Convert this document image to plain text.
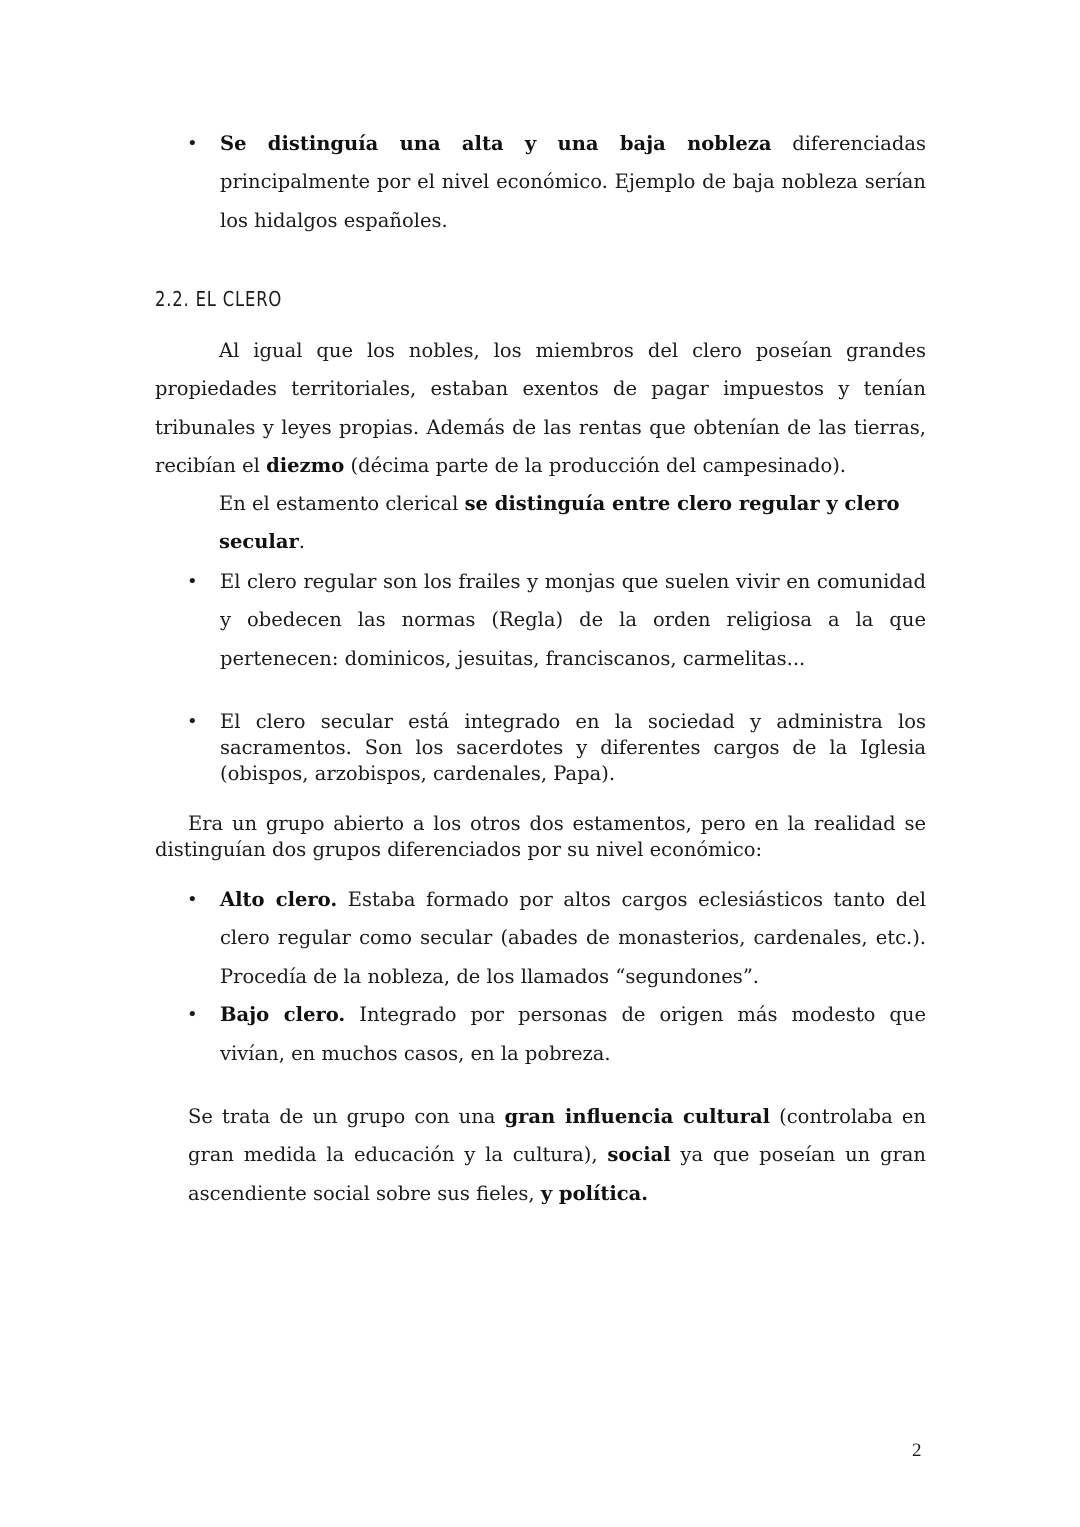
• Se distinguía una alta y una baja nobleza diferenciadas principalmente por el nivel económico. Ejemplo de baja nobleza serían los hidalgos españoles.
2.2. EL CLERO
Al igual que los nobles, los miembros del clero poseían grandes propiedades territoriales, estaban exentos de pagar impuestos y tenían tribunales y leyes propias. Además de las rentas que obtenían de las tierras, recibían el diezmo (décima parte de la producción del campesinado).
En el estamento clerical se distinguía entre clero regular y clero secular.
• El clero regular son los frailes y monjas que suelen vivir en comunidad y obedecen las normas (Regla) de la orden religiosa a la que pertenecen: dominicos, jesuitas, franciscanos, carmelitas...
• El clero secular está integrado en la sociedad y administra los sacramentos. Son los sacerdotes y diferentes cargos de la Iglesia (obispos, arzobispos, cardenales, Papa).
Era un grupo abierto a los otros dos estamentos, pero en la realidad se distinguían dos grupos diferenciados por su nivel económico:
• Alto clero. Estaba formado por altos cargos eclesiásticos tanto del clero regular como secular (abades de monasterios, cardenales, etc.). Procedía de la nobleza, de los llamados “segundones”.
• Bajo clero. Integrado por personas de origen más modesto que vivían, en muchos casos, en la pobreza.
Se trata de un grupo con una gran influencia cultural (controlaba en gran medida la educación y la cultura), social ya que poseían un gran ascendiente social sobre sus fieles, y política.
2
